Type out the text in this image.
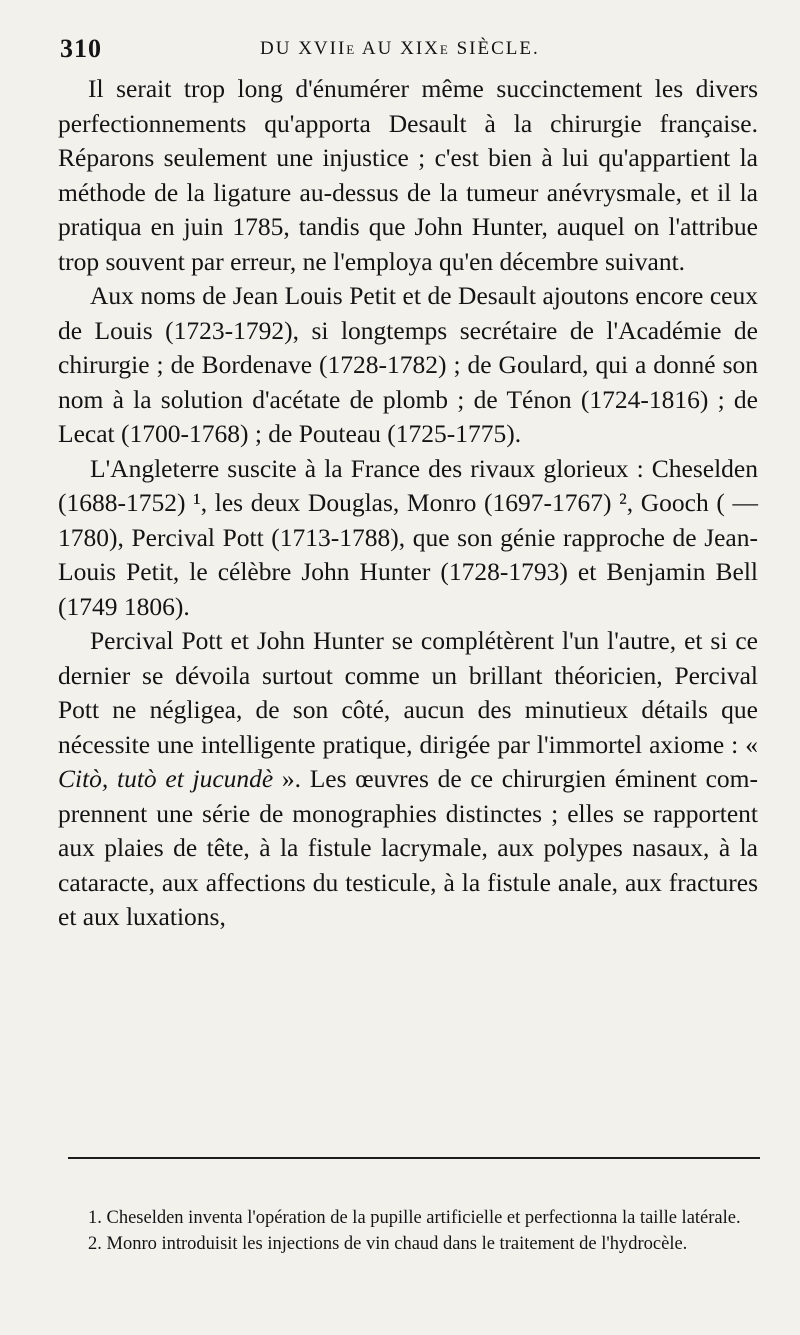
310	DU XVIIe AU XIXe SIÈCLE.

Il serait trop long d'énumérer même succinctement les divers perfectionnements qu'apporta Desault à la chirurgie française. Réparons seulement une injustice ; c'est bien à lui qu'appartient la méthode de la ligature au-dessus de la tumeur anévrysmale, et il la pratiqua en juin 1785, tandis que John Hunter, auquel on l'attribue trop souvent par erreur, ne l'employa qu'en décembre suivant.

Aux noms de Jean Louis Petit et de Desault ajoutons encore ceux de Louis (1723-1792), si longtemps secrétaire de l'Académie de chirurgie ; de Bordenave (1728-1782) ; de Goulard, qui a donné son nom à la solution d'acétate de plomb ; de Ténon (1724-1816) ; de Lecat (1700-1768) ; de Pouteau (1725-1775).

L'Angleterre suscite à la France des rivaux glorieux : Cheselden (1688-1752) ¹, les deux Douglas, Monro (1697-1767) ², Gooch ( — 1780), Percival Pott (1713-1788), que son génie rapproche de Jean-Louis Petit, le célèbre John Hunter (1728-1793) et Benjamin Bell (1749 1806).

Percival Pott et John Hunter se complétèrent l'un l'autre, et si ce dernier se dévoila surtout comme un brillant théoricien, Percival Pott ne négligea, de son côté, aucun des minutieux détails que nécessite une intelligente pratique, dirigée par l'immortel axiome : « Citò, tutò et jucundè ». Les œuvres de ce chirurgien éminent comprennent une série de monographies distinctes ; elles se rapportent aux plaies de tête, à la fistule lacrymale, aux polypes nasaux, à la cataracte, aux affections du testicule, à la fistule anale, aux fractures et aux luxations,

1. Cheselden inventa l'opération de la pupille artificielle et perfectionna la taille latérale.

2. Monro introduisit les injections de vin chaud dans le traitement de l'hydrocèle.
